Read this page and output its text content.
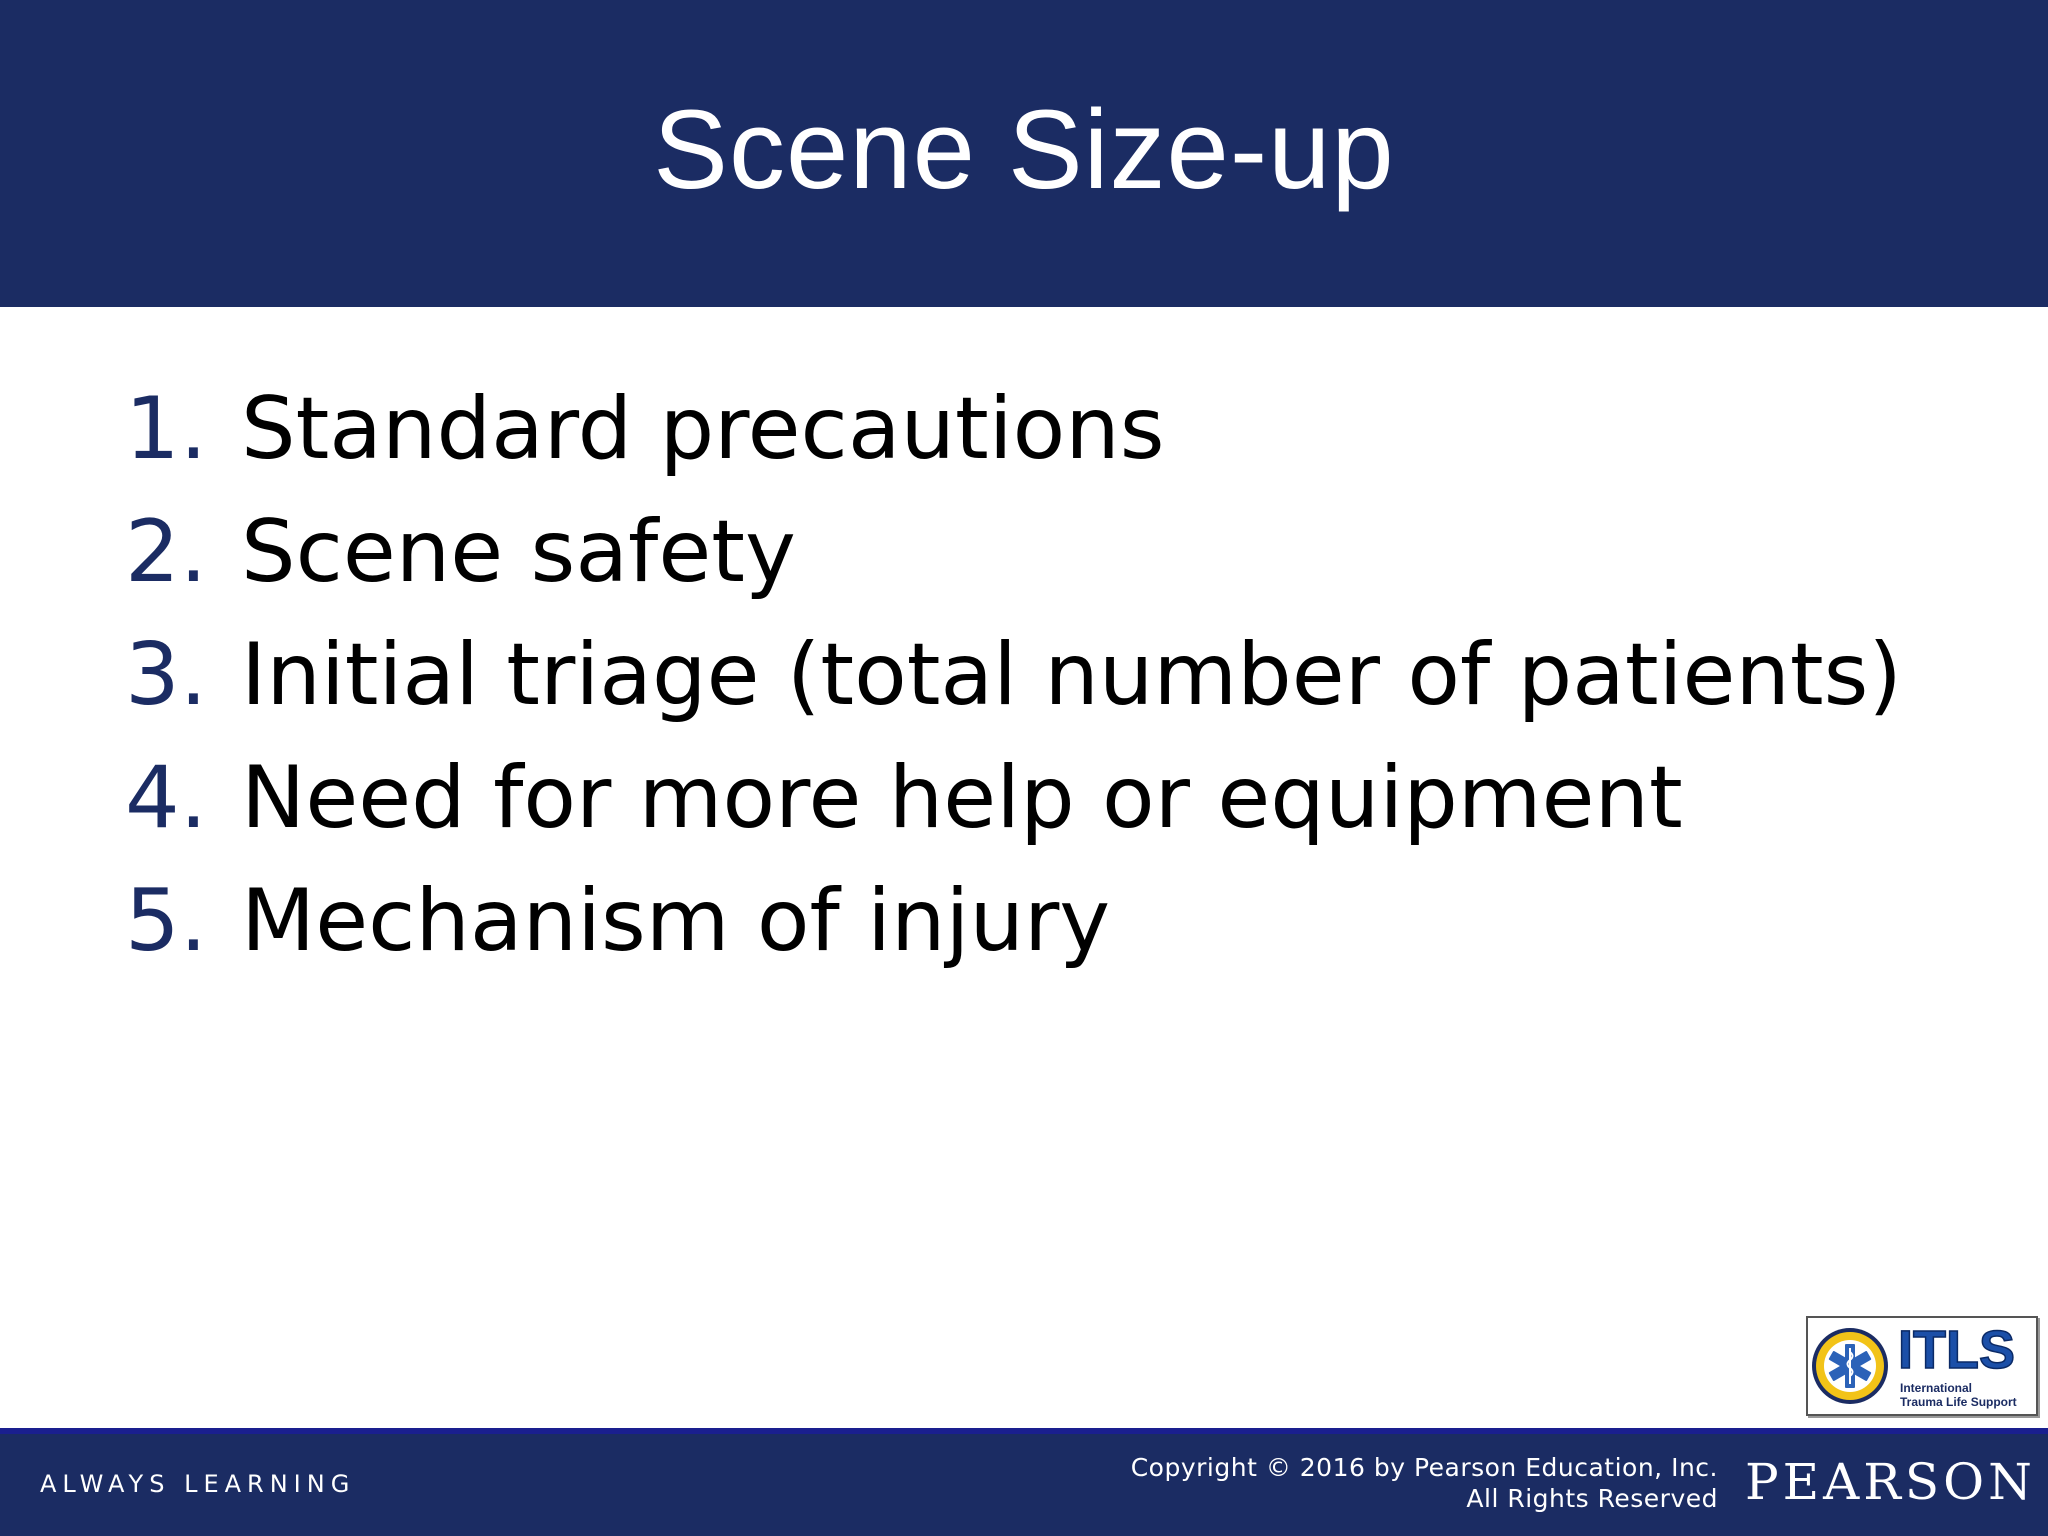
Scene Size-up
1. Standard precautions
2. Scene safety
3. Initial triage (total number of patients)
4. Need for more help or equipment
5. Mechanism of injury
ITLS
International
Trauma Life Support
ALWAYS LEARNING
Copyright © 2016 by Pearson Education, Inc.
All Rights Reserved PEARSON
